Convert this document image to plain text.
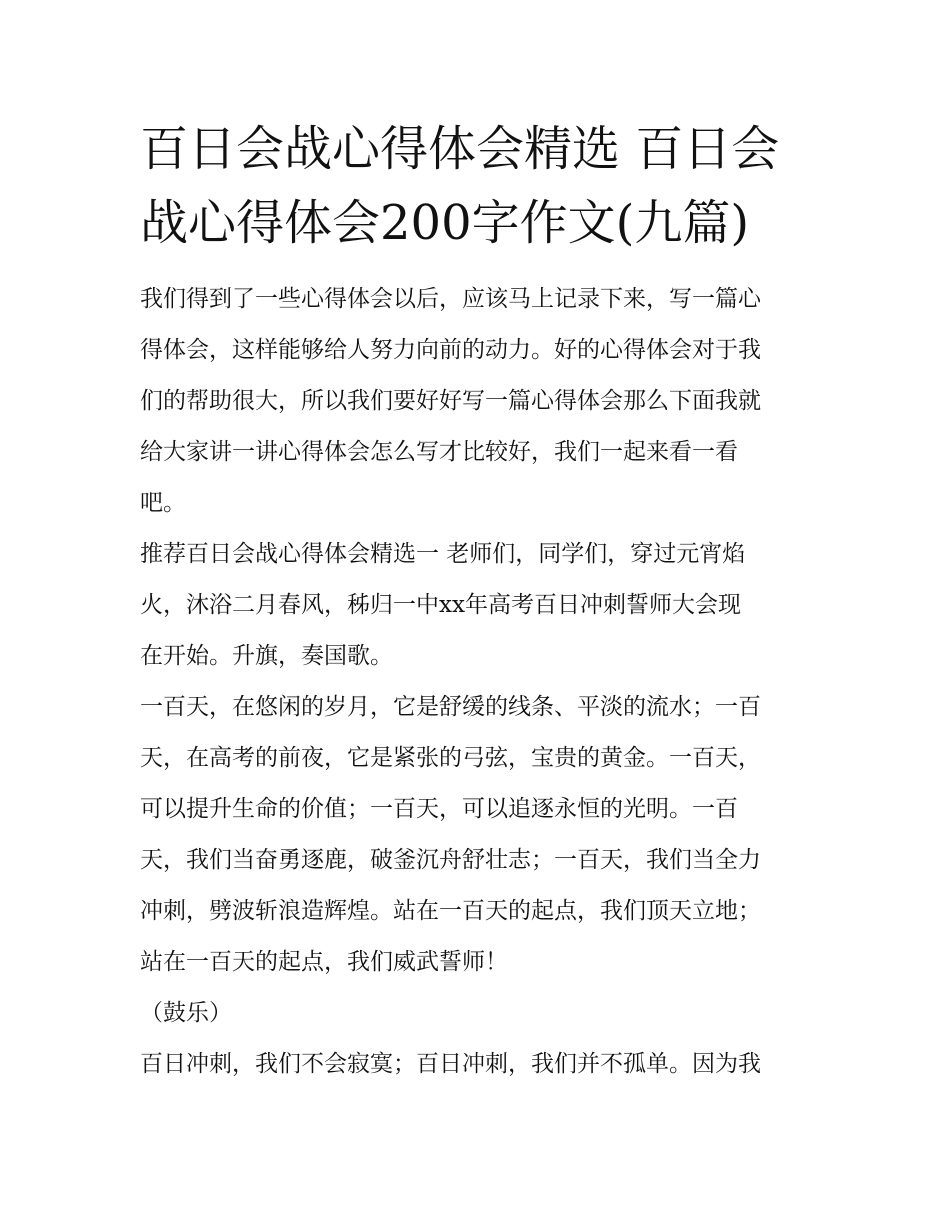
百日会战心得体会精选 百日会
战心得体会200字作文(九篇)

我们得到了一些心得体会以后，应该马上记录下来，写一篇心
得体会，这样能够给人努力向前的动力。好的心得体会对于我
们的帮助很大，所以我们要好好写一篇心得体会那么下面我就
给大家讲一讲心得体会怎么写才比较好，我们一起来看一看
吧。

推荐百日会战心得体会精选一 老师们，同学们，穿过元宵焰
火，沐浴二月春风，秭归一中xx年高考百日冲刺誓师大会现
在开始。升旗，奏国歌。

一百天，在悠闲的岁月，它是舒缓的线条、平淡的流水；一百
天，在高考的前夜，它是紧张的弓弦，宝贵的黄金。一百天，
可以提升生命的价值；一百天，可以追逐永恒的光明。一百
天，我们当奋勇逐鹿，破釜沉舟舒壮志；一百天，我们当全力
冲刺，劈波斩浪造辉煌。站在一百天的起点，我们顶天立地；
站在一百天的起点，我们威武誓师！

（鼓乐）

百日冲刺，我们不会寂寞；百日冲刺，我们并不孤单。因为我
